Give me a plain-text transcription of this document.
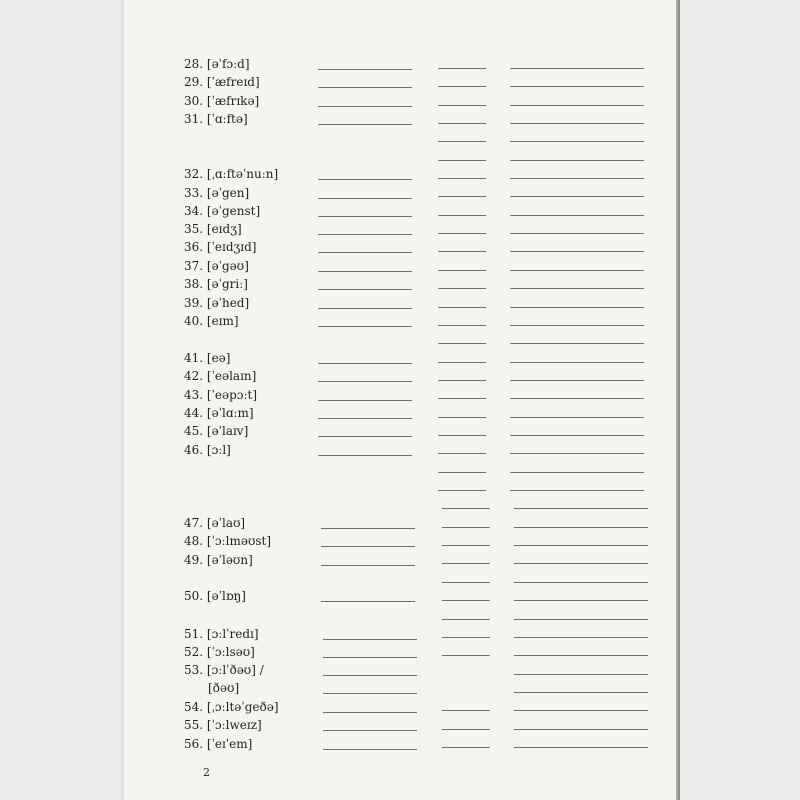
28. [əˈfɔːd]
29. [ˈæfreɪd]
30. [ˈæfrɪkə]
31. [ˈɑːftə]
32. [ˌɑːftəˈnuːn]
33. [əˈgen]
34. [əˈgenst]
35. [eɪdʒ]
36. [ˈeɪdʒɪd]
37. [əˈgəʊ]
38. [əˈgriː]
39. [əˈhed]
40. [eɪm]
41. [eə]
42. [ˈeəlaɪn]
43. [ˈeəpɔːt]
44. [əˈlɑːm]
45. [əˈlaɪv]
46. [ɔːl]
47. [əˈlaʊ]
48. [ˈɔːlməʊst]
49. [əˈləʊn]
50. [əˈlɒŋ]
51. [ɔːlˈredɪ]
52. [ˈɔːlsəʊ]
53. [ɔːlˈðəʊ] /
[ðəʊ]
54. [ˌɔːltəˈgeðə]
55. [ˈɔːlweɪz]
56. [ˈeɪˈem]
2
